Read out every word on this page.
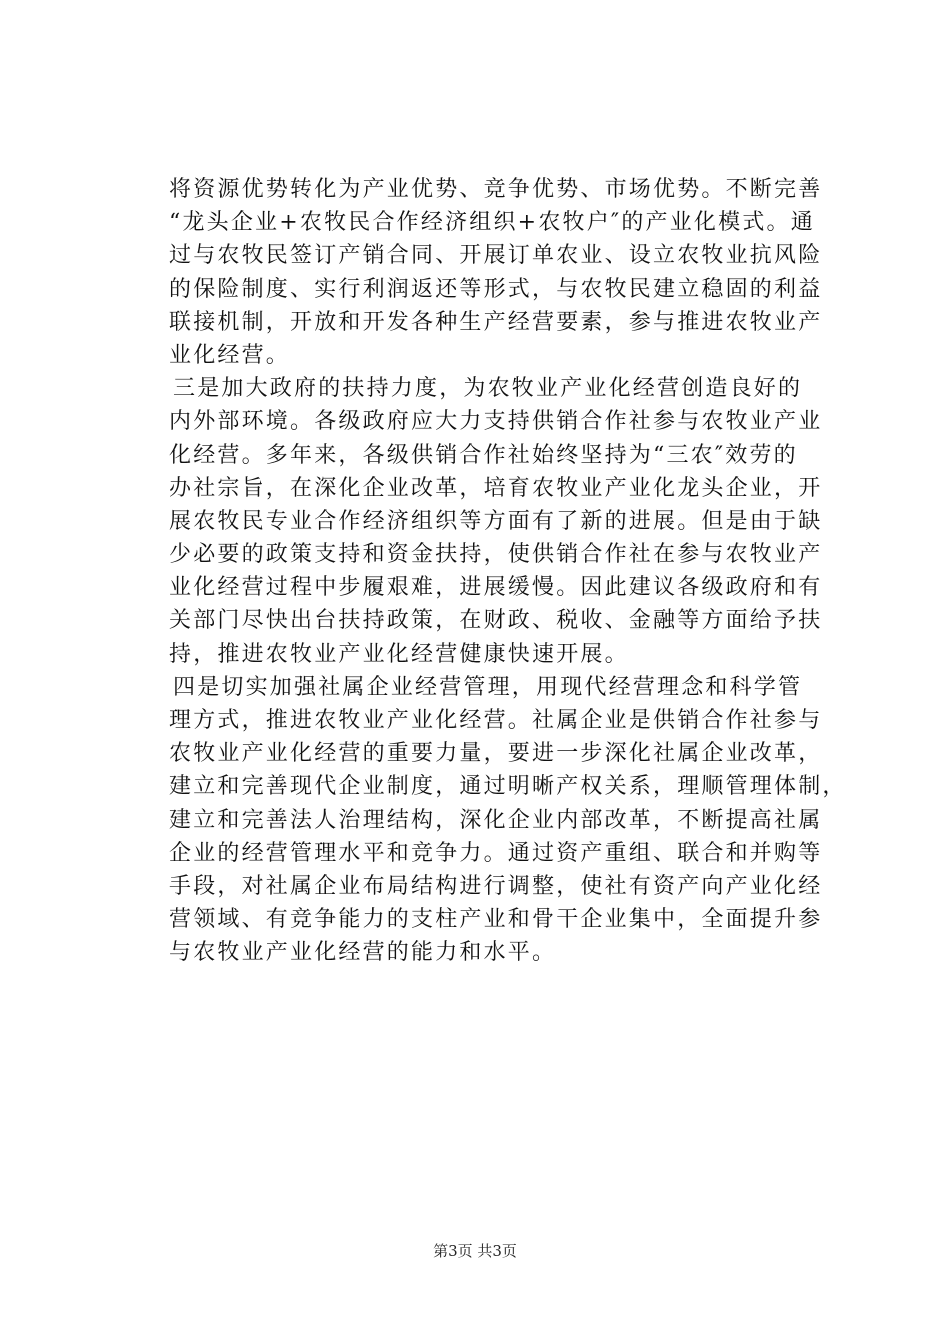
将资源优势转化为产业优势、竞争优势、市场优势。不断完善
“龙头企业+农牧民合作经济组织+农牧户″的产业化模式。通
过与农牧民签订产销合同、开展订单农业、设立农牧业抗风险
的保险制度、实行利润返还等形式，与农牧民建立稳固的利益
联接机制，开放和开发各种生产经营要素，参与推进农牧业产
业化经营。
三是加大政府的扶持力度，为农牧业产业化经营创造良好的
内外部环境。各级政府应大力支持供销合作社参与农牧业产业
化经营。多年来，各级供销合作社始终坚持为“三农″效劳的
办社宗旨，在深化企业改革，培育农牧业产业化龙头企业，开
展农牧民专业合作经济组织等方面有了新的进展。但是由于缺
少必要的政策支持和资金扶持，使供销合作社在参与农牧业产
业化经营过程中步履艰难，进展缓慢。因此建议各级政府和有
关部门尽快出台扶持政策，在财政、税收、金融等方面给予扶
持，推进农牧业产业化经营健康快速开展。
四是切实加强社属企业经营管理，用现代经营理念和科学管
理方式，推进农牧业产业化经营。社属企业是供销合作社参与
农牧业产业化经营的重要力量，要进一步深化社属企业改革，
建立和完善现代企业制度，通过明晰产权关系，理顺管理体制，
建立和完善法人治理结构，深化企业内部改革，不断提高社属
企业的经营管理水平和竞争力。通过资产重组、联合和并购等
手段，对社属企业布局结构进行调整，使社有资产向产业化经
营领域、有竞争能力的支柱产业和骨干企业集中，全面提升参
与农牧业产业化经营的能力和水平。
第3页 共3页
